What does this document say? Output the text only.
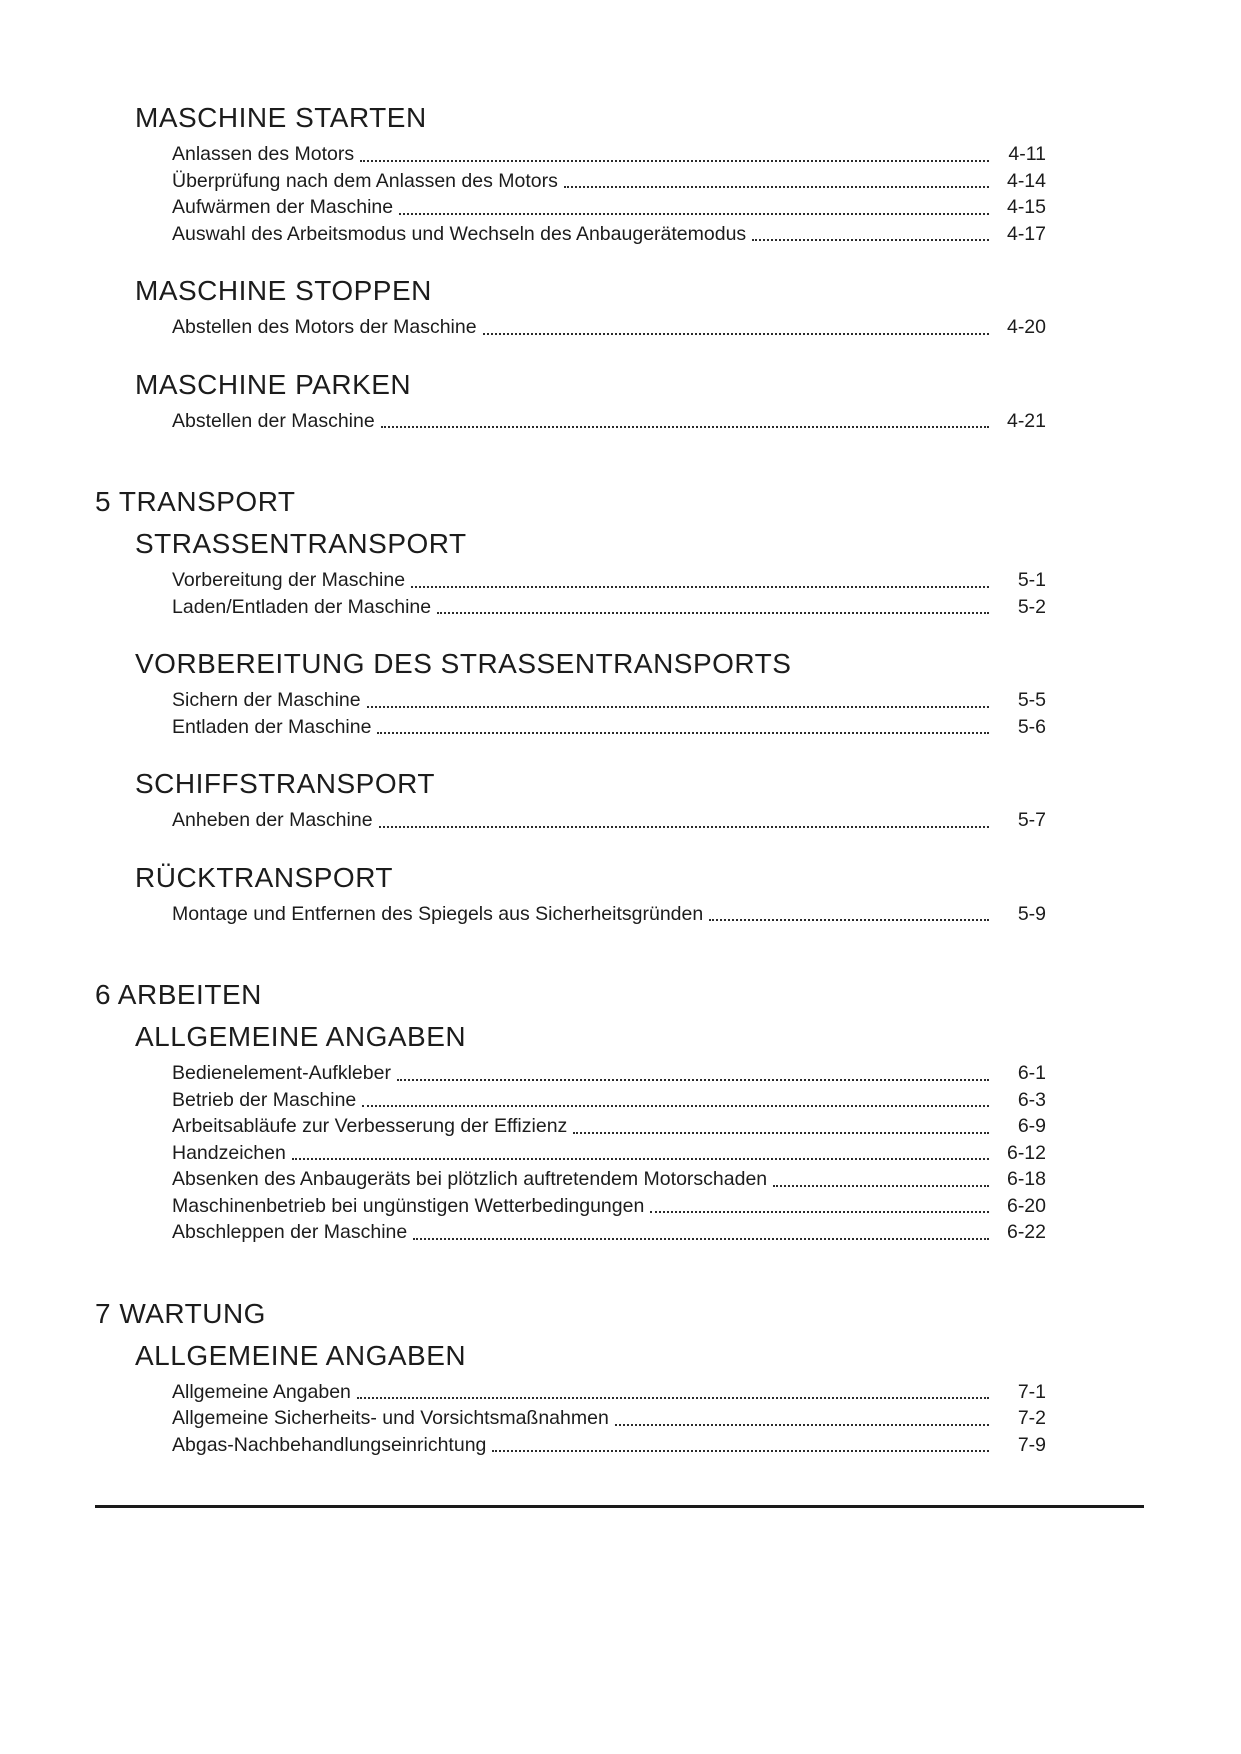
MASCHINE STARTEN
Anlassen des Motors	4-11
Überprüfung nach dem Anlassen des Motors	4-14
Aufwärmen der Maschine	4-15
Auswahl des Arbeitsmodus und Wechseln des Anbaugerätemodus	4-17
MASCHINE STOPPEN
Abstellen des Motors der Maschine	4-20
MASCHINE PARKEN
Abstellen der Maschine	4-21
5 TRANSPORT
STRASSENTRANSPORT
Vorbereitung der Maschine	5-1
Laden/Entladen der Maschine	5-2
VORBEREITUNG DES STRASSENTRANSPORTS
Sichern der Maschine	5-5
Entladen der Maschine	5-6
SCHIFFSTRANSPORT
Anheben der Maschine	5-7
RÜCKTRANSPORT
Montage und Entfernen des Spiegels aus Sicherheitsgründen	5-9
6 ARBEITEN
ALLGEMEINE ANGABEN
Bedienelement-Aufkleber	6-1
Betrieb der Maschine	6-3
Arbeitsabläufe zur Verbesserung der Effizienz	6-9
Handzeichen	6-12
Absenken des Anbaugeräts bei plötzlich auftretendem Motorschaden	6-18
Maschinenbetrieb bei ungünstigen Wetterbedingungen	6-20
Abschleppen der Maschine	6-22
7 WARTUNG
ALLGEMEINE ANGABEN
Allgemeine Angaben	7-1
Allgemeine Sicherheits- und Vorsichtsmaßnahmen	7-2
Abgas-Nachbehandlungseinrichtung	7-9
